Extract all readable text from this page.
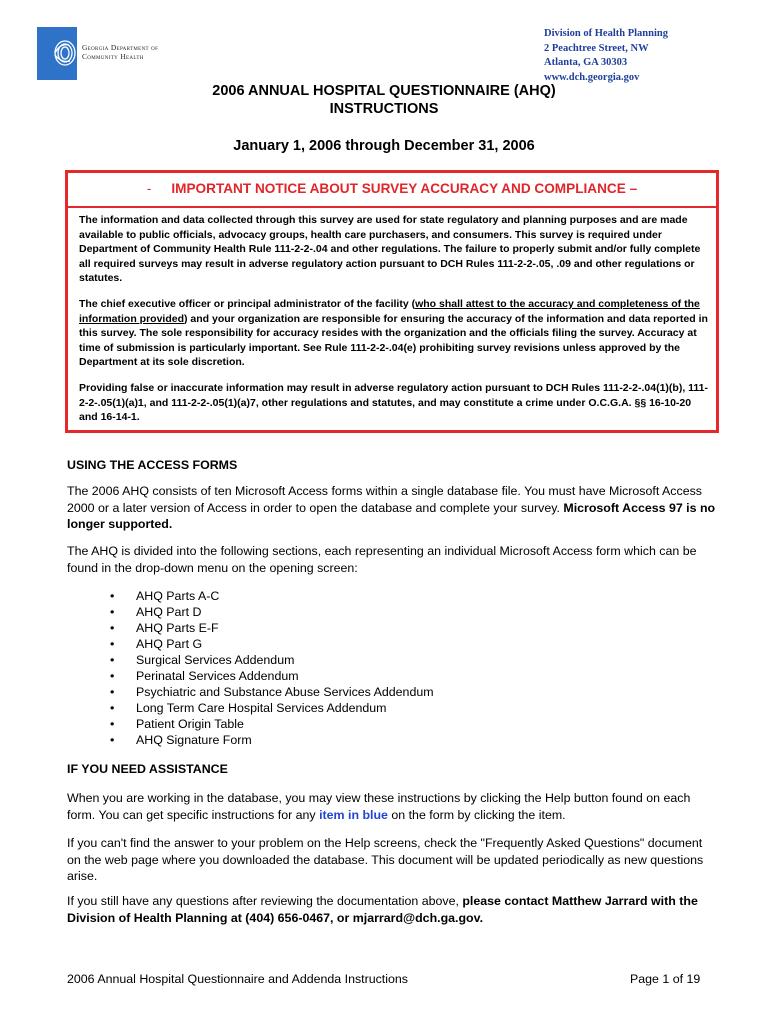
Georgia Department of
Community Health
Division of Health Planning
2 Peachtree Street, NW
Atlanta, GA 30303
www.dch.georgia.gov
2006 ANNUAL HOSPITAL QUESTIONNAIRE (AHQ)
INSTRUCTIONS
January 1, 2006 through December 31, 2006
- IMPORTANT NOTICE ABOUT SURVEY ACCURACY AND COMPLIANCE –

The information and data collected through this survey are used for state regulatory and planning purposes and are made available to public officials, advocacy groups, health care purchasers, and consumers. This survey is required under Department of Community Health Rule 111-2-2-.04 and other regulations. The failure to properly submit and/or fully complete all required surveys may result in adverse regulatory action pursuant to DCH Rules 111-2-2-.05, .09 and other regulations or statutes.

The chief executive officer or principal administrator of the facility (who shall attest to the accuracy and completeness of the information provided) and your organization are responsible for ensuring the accuracy of the information and data reported in this survey. The sole responsibility for accuracy resides with the organization and the officials filing the survey. Accuracy at time of submission is particularly important. See Rule 111-2-2-.04(e) prohibiting survey revisions unless approved by the Department at its sole discretion.

Providing false or inaccurate information may result in adverse regulatory action pursuant to DCH Rules 111-2-2-.04(1)(b), 111-2-2-.05(1)(a)1, and 111-2-2-.05(1)(a)7, other regulations and statutes, and may constitute a crime under O.C.G.A. §§ 16-10-20 and 16-14-1.

USING THE ACCESS FORMS
The 2006 AHQ consists of ten Microsoft Access forms within a single database file. You must have Microsoft Access 2000 or a later version of Access in order to open the database and complete your survey. Microsoft Access 97 is no longer supported.
The AHQ is divided into the following sections, each representing an individual Microsoft Access form which can be found in the drop-down menu on the opening screen:
• AHQ Parts A-C
• AHQ Part D
• AHQ Parts E-F
• AHQ Part G
• Surgical Services Addendum
• Perinatal Services Addendum
• Psychiatric and Substance Abuse Services Addendum
• Long Term Care Hospital Services Addendum
• Patient Origin Table
• AHQ Signature Form
IF YOU NEED ASSISTANCE
When you are working in the database, you may view these instructions by clicking the Help button found on each form. You can get specific instructions for any item in blue on the form by clicking the item.
If you can't find the answer to your problem on the Help screens, check the "Frequently Asked Questions" document on the web page where you downloaded the database. This document will be updated periodically as new questions arise.
If you still have any questions after reviewing the documentation above, please contact Matthew Jarrard with the Division of Health Planning at (404) 656-0467, or mjarrard@dch.ga.gov.
2006 Annual Hospital Questionnaire and Addenda Instructions	Page 1 of 19
